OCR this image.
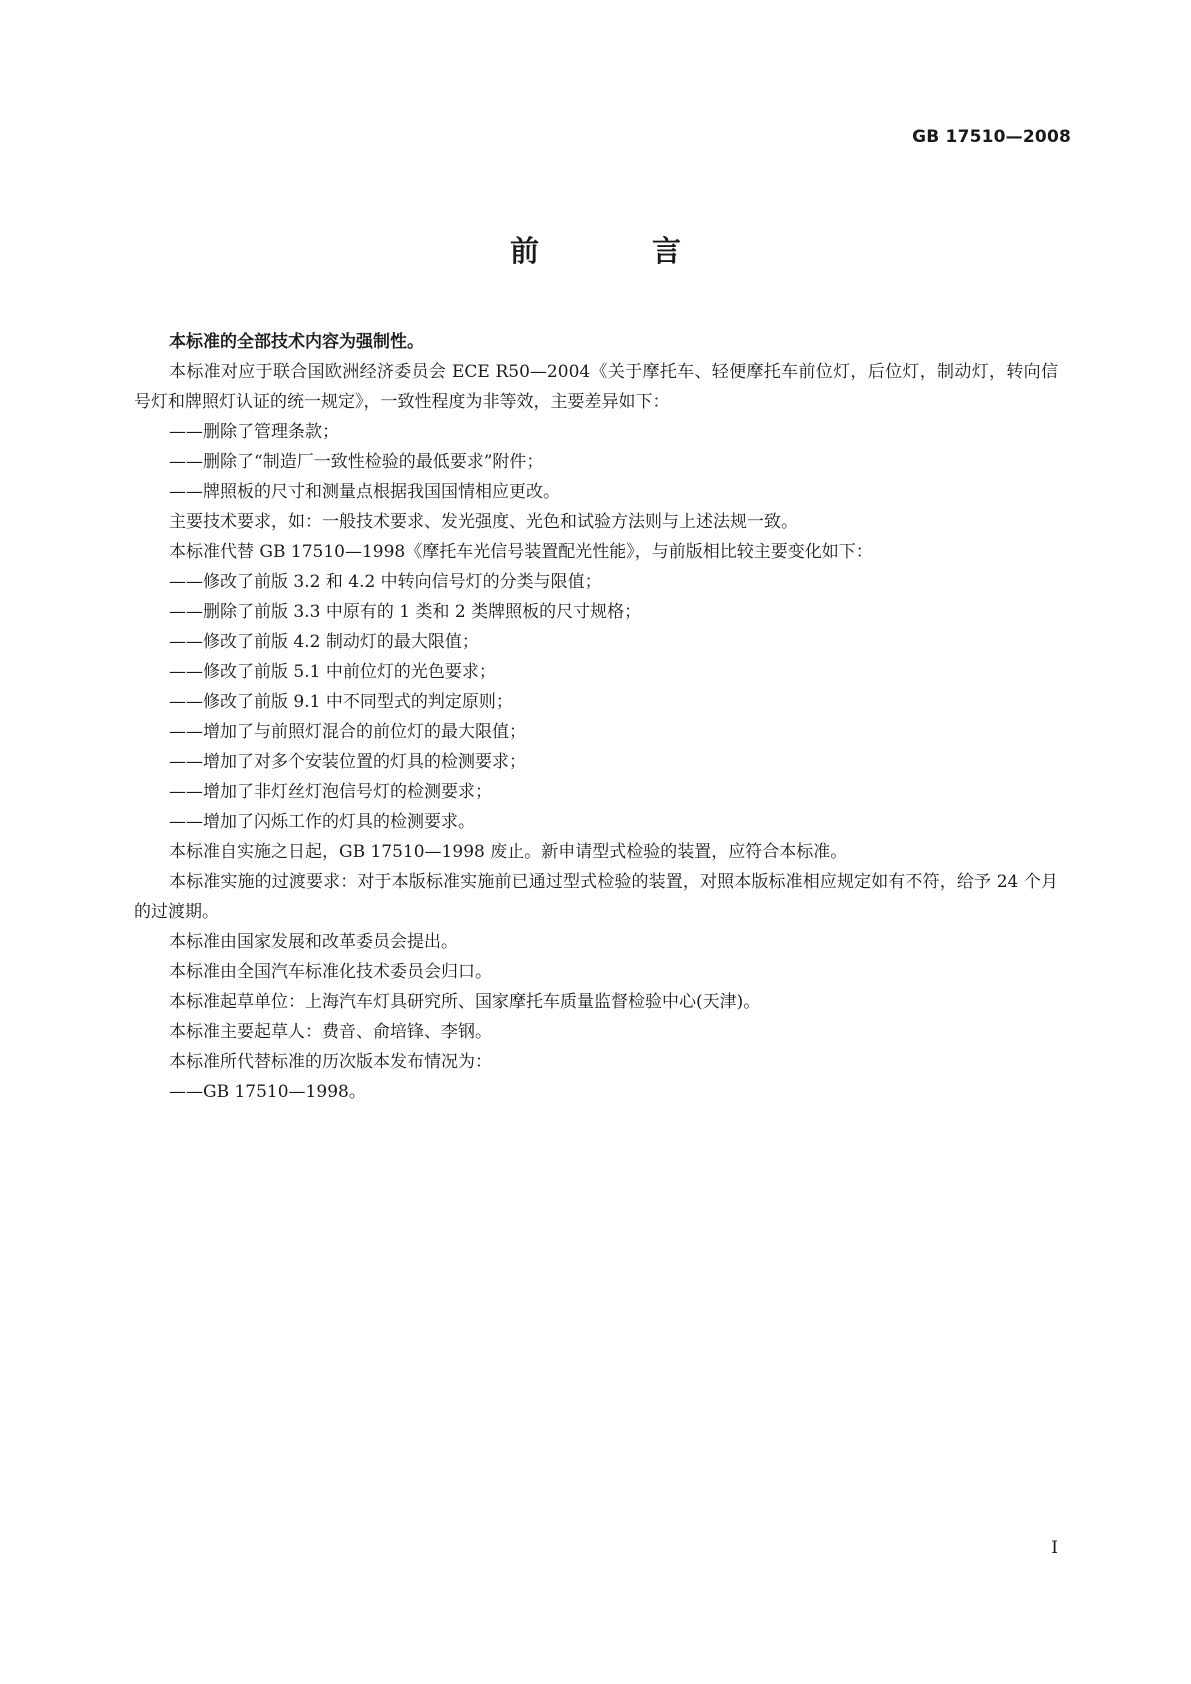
GB 17510—2008
前　言

本标准的全部技术内容为强制性。

本标准对应于联合国欧洲经济委员会 ECE R50—2004《关于摩托车、轻便摩托车前位灯，后位灯，制动灯，转向信号灯和牌照灯认证的统一规定》，一致性程度为非等效，主要差异如下：

——删除了管理条款；

——删除了“制造厂一致性检验的最低要求”附件；

——牌照板的尺寸和测量点根据我国国情相应更改。

主要技术要求，如：一般技术要求、发光强度、光色和试验方法则与上述法规一致。

本标准代替 GB 17510—1998《摩托车光信号装置配光性能》，与前版相比较主要变化如下：

——修改了前版 3.2 和 4.2 中转向信号灯的分类与限值；

——删除了前版 3.3 中原有的 1 类和 2 类牌照板的尺寸规格；

——修改了前版 4.2 制动灯的最大限值；

——修改了前版 5.1 中前位灯的光色要求；

——修改了前版 9.1 中不同型式的判定原则；

——增加了与前照灯混合的前位灯的最大限值；

——增加了对多个安装位置的灯具的检测要求；

——增加了非灯丝灯泡信号灯的检测要求；

——增加了闪烁工作的灯具的检测要求。

本标准自实施之日起，GB 17510—1998 废止。新申请型式检验的装置，应符合本标准。

本标准实施的过渡要求：对于本版标准实施前已通过型式检验的装置，对照本版标准相应规定如有不符，给予 24 个月的过渡期。

本标准由国家发展和改革委员会提出。

本标准由全国汽车标准化技术委员会归口。

本标准起草单位：上海汽车灯具研究所、国家摩托车质量监督检验中心(天津)。

本标准主要起草人：费音、俞培锋、李钢。

本标准所代替标准的历次版本发布情况为：

——GB 17510—1998。

I
